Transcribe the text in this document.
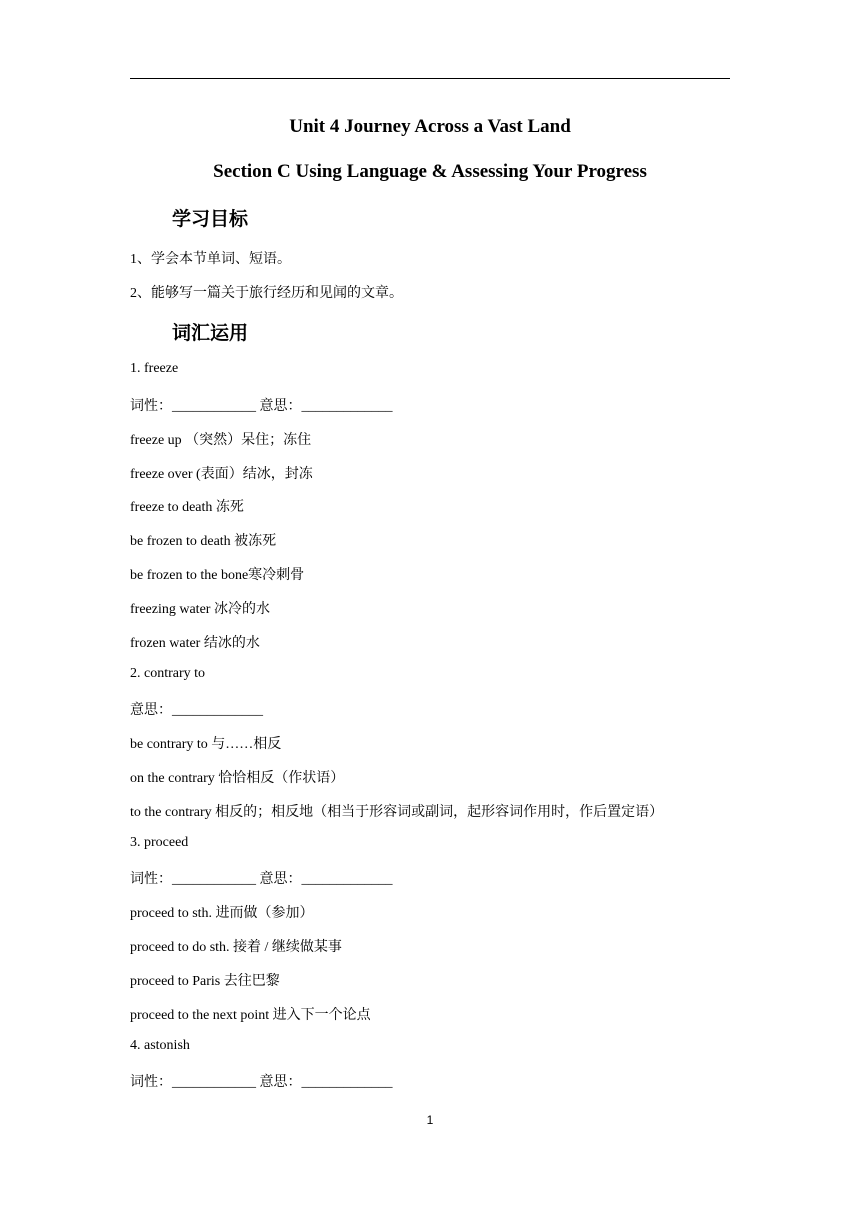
Unit 4 Journey Across a Vast Land
Section C Using Language & Assessing Your Progress
学习目标
1、学会本节单词、短语。
2、能够写一篇关于旅行经历和见闻的文章。
词汇运用
1. freeze
词性：____________ 意思：_____________
freeze up （突然）呆住；冻住
freeze over (表面）结冰，封冻
freeze to death 冻死
be frozen to death 被冻死
be frozen to the bone寒冷刺骨
freezing water 冰冷的水
frozen water 结冰的水
2. contrary to
意思：_____________
be contrary to 与……相反
on the contrary 恰恰相反（作状语）
to the contrary 相反的；相反地（相当于形容词或副词，起形容词作用时，作后置定语）
3. proceed
词性：____________ 意思：_____________
proceed to sth. 进而做（参加）
proceed to do sth. 接着 / 继续做某事
proceed to Paris 去往巴黎
proceed to the next point 进入下一个论点
4. astonish
词性：____________ 意思：_____________
1
